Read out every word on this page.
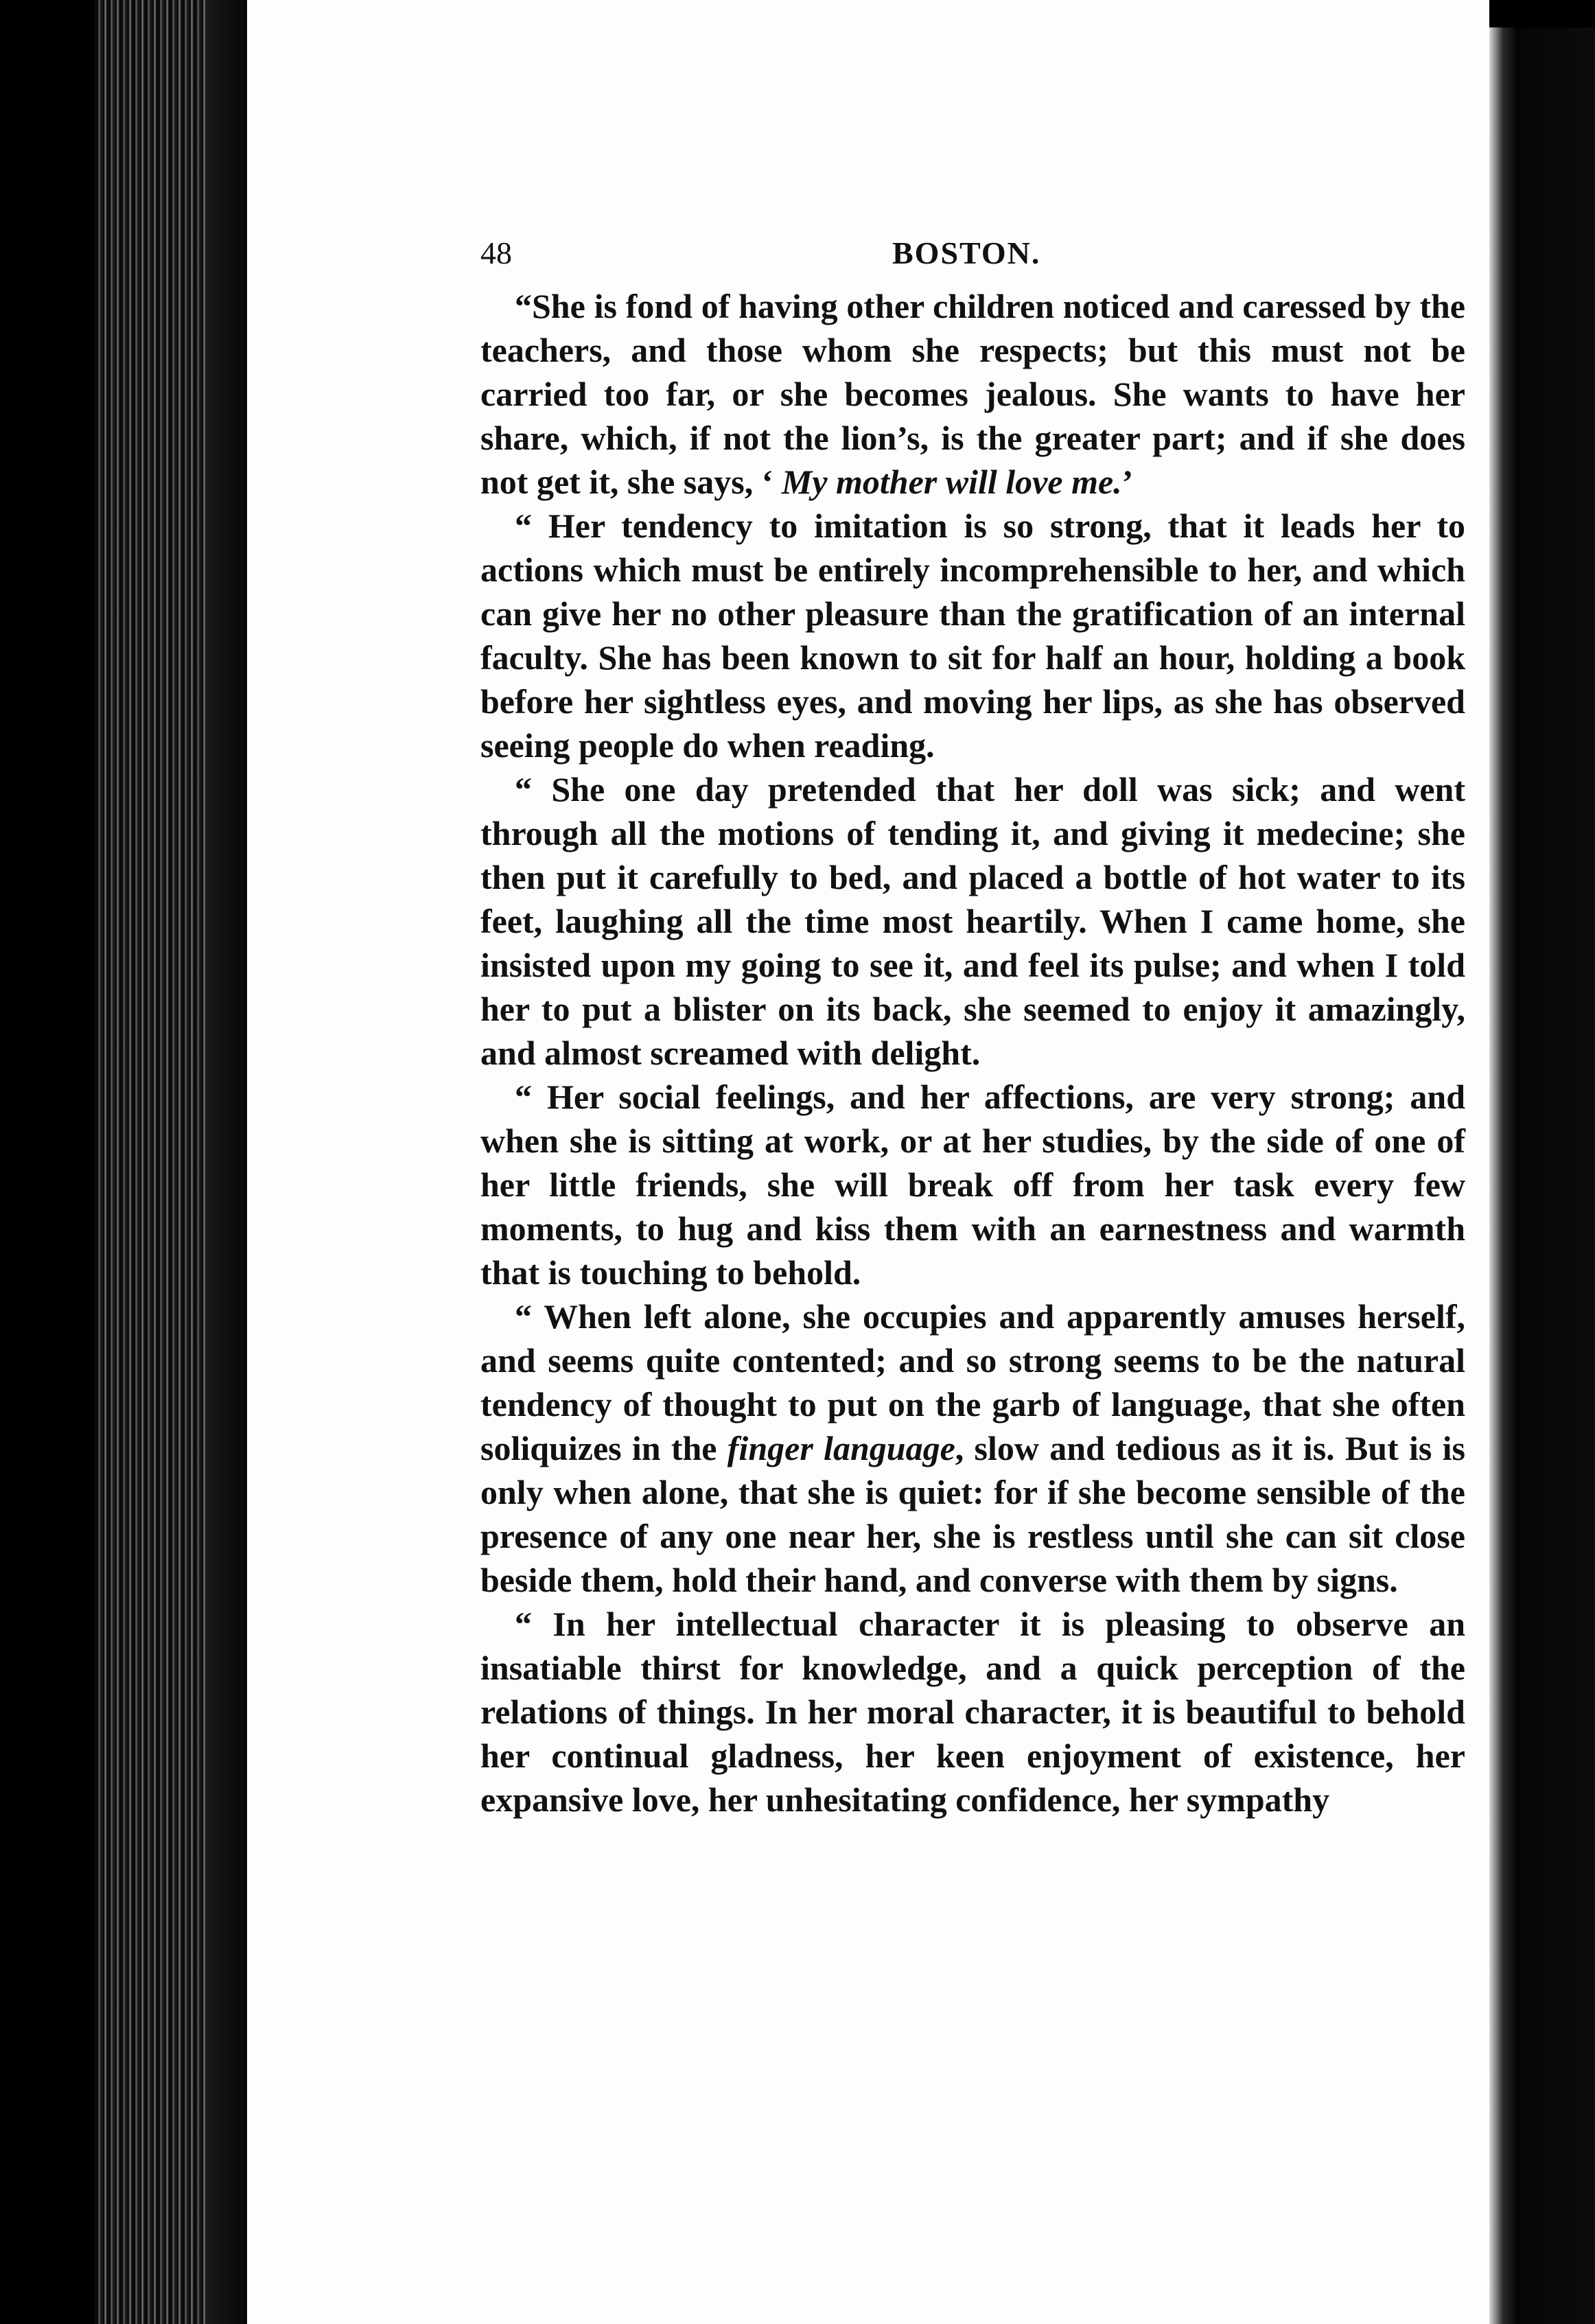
48	BOSTON.

“She is fond of having other children noticed and caressed by the teachers, and those whom she respects; but this must not be carried too far, or she becomes jealous. She wants to have her share, which, if not the lion’s, is the greater part; and if she does not get it, she says, ‘ My mother will love me.’

“ Her tendency to imitation is so strong, that it leads her to actions which must be entirely incomprehensible to her, and which can give her no other pleasure than the gratification of an internal faculty. She has been known to sit for half an hour, holding a book before her sightless eyes, and moving her lips, as she has observed seeing people do when reading.

“ She one day pretended that her doll was sick; and went through all the motions of tending it, and giving it medecine; she then put it carefully to bed, and placed a bottle of hot water to its feet, laughing all the time most heartily. When I came home, she insisted upon my going to see it, and feel its pulse; and when I told her to put a blister on its back, she seemed to enjoy it amazingly, and almost screamed with delight.

“ Her social feelings, and her affections, are very strong; and when she is sitting at work, or at her studies, by the side of one of her little friends, she will break off from her task every few moments, to hug and kiss them with an earnestness and warmth that is touching to behold.

“ When left alone, she occupies and apparently amuses herself, and seems quite contented; and so strong seems to be the natural tendency of thought to put on the garb of language, that she often soliquizes in the finger language, slow and tedious as it is. But is is only when alone, that she is quiet: for if she become sensible of the presence of any one near her, she is restless until she can sit close beside them, hold their hand, and converse with them by signs.

“ In her intellectual character it is pleasing to observe an insatiable thirst for knowledge, and a quick perception of the relations of things. In her moral character, it is beautiful to behold her continual gladness, her keen enjoyment of existence, her expansive love, her unhesitating confidence, her sympathy
